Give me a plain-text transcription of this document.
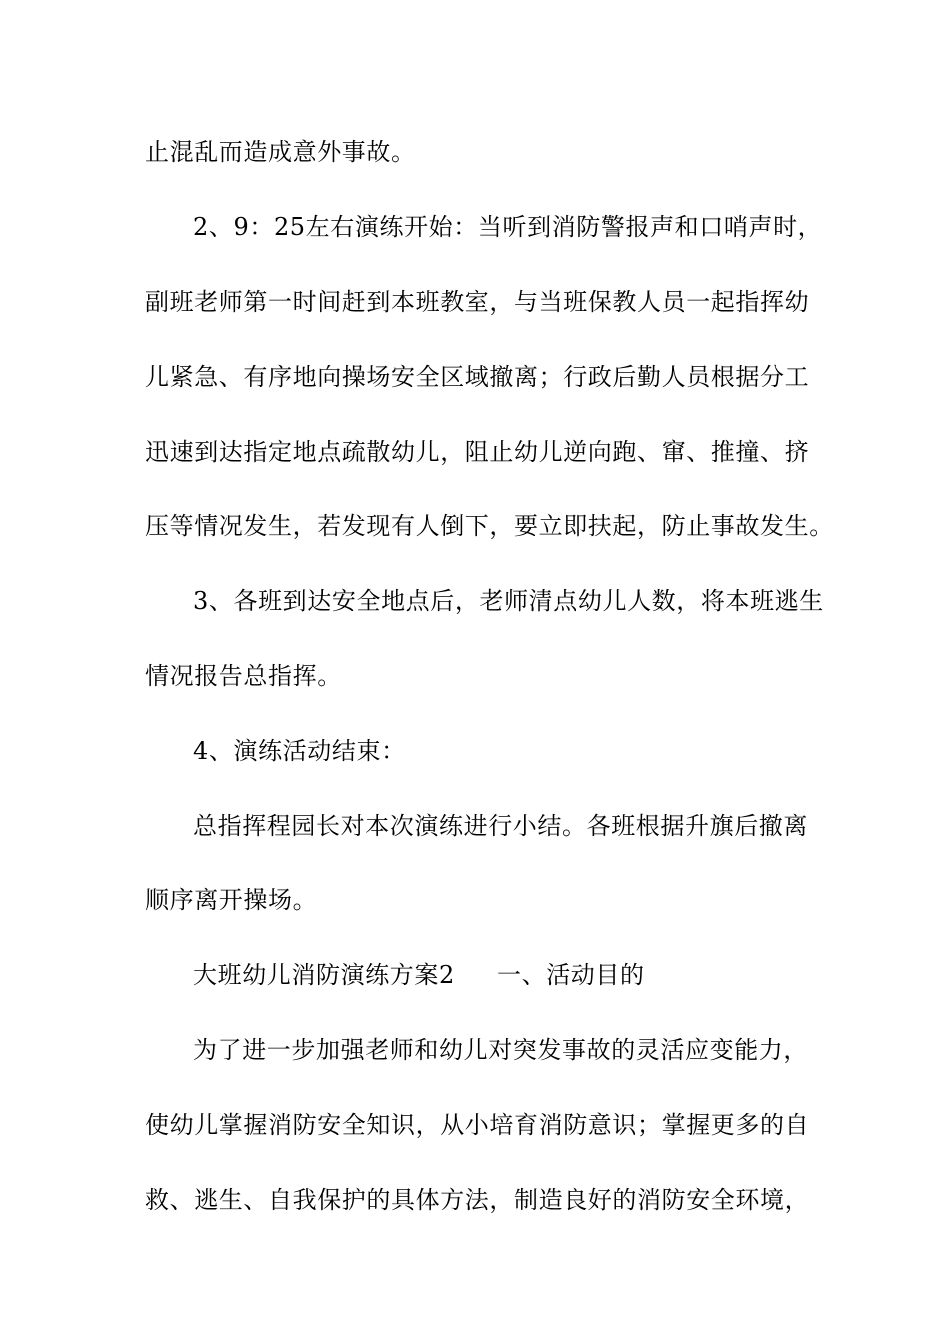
止混乱而造成意外事故。
2、9：25左右演练开始：当听到消防警报声和口哨声时，
副班老师第一时间赶到本班教室，与当班保教人员一起指挥幼
儿紧急、有序地向操场安全区域撤离；行政后勤人员根据分工
迅速到达指定地点疏散幼儿，阻止幼儿逆向跑、窜、推撞、挤
压等情况发生，若发现有人倒下，要立即扶起，防止事故发生。
3、各班到达安全地点后，老师清点幼儿人数，将本班逃生
情况报告总指挥。
4、演练活动结束：
总指挥程园长对本次演练进行小结。各班根据升旗后撤离
顺序离开操场。
大班幼儿消防演练方案2 一、活动目的
为了进一步加强老师和幼儿对突发事故的灵活应变能力，
使幼儿掌握消防安全知识，从小培育消防意识；掌握更多的自
救、逃生、自我保护的具体方法，制造良好的消防安全环境，
